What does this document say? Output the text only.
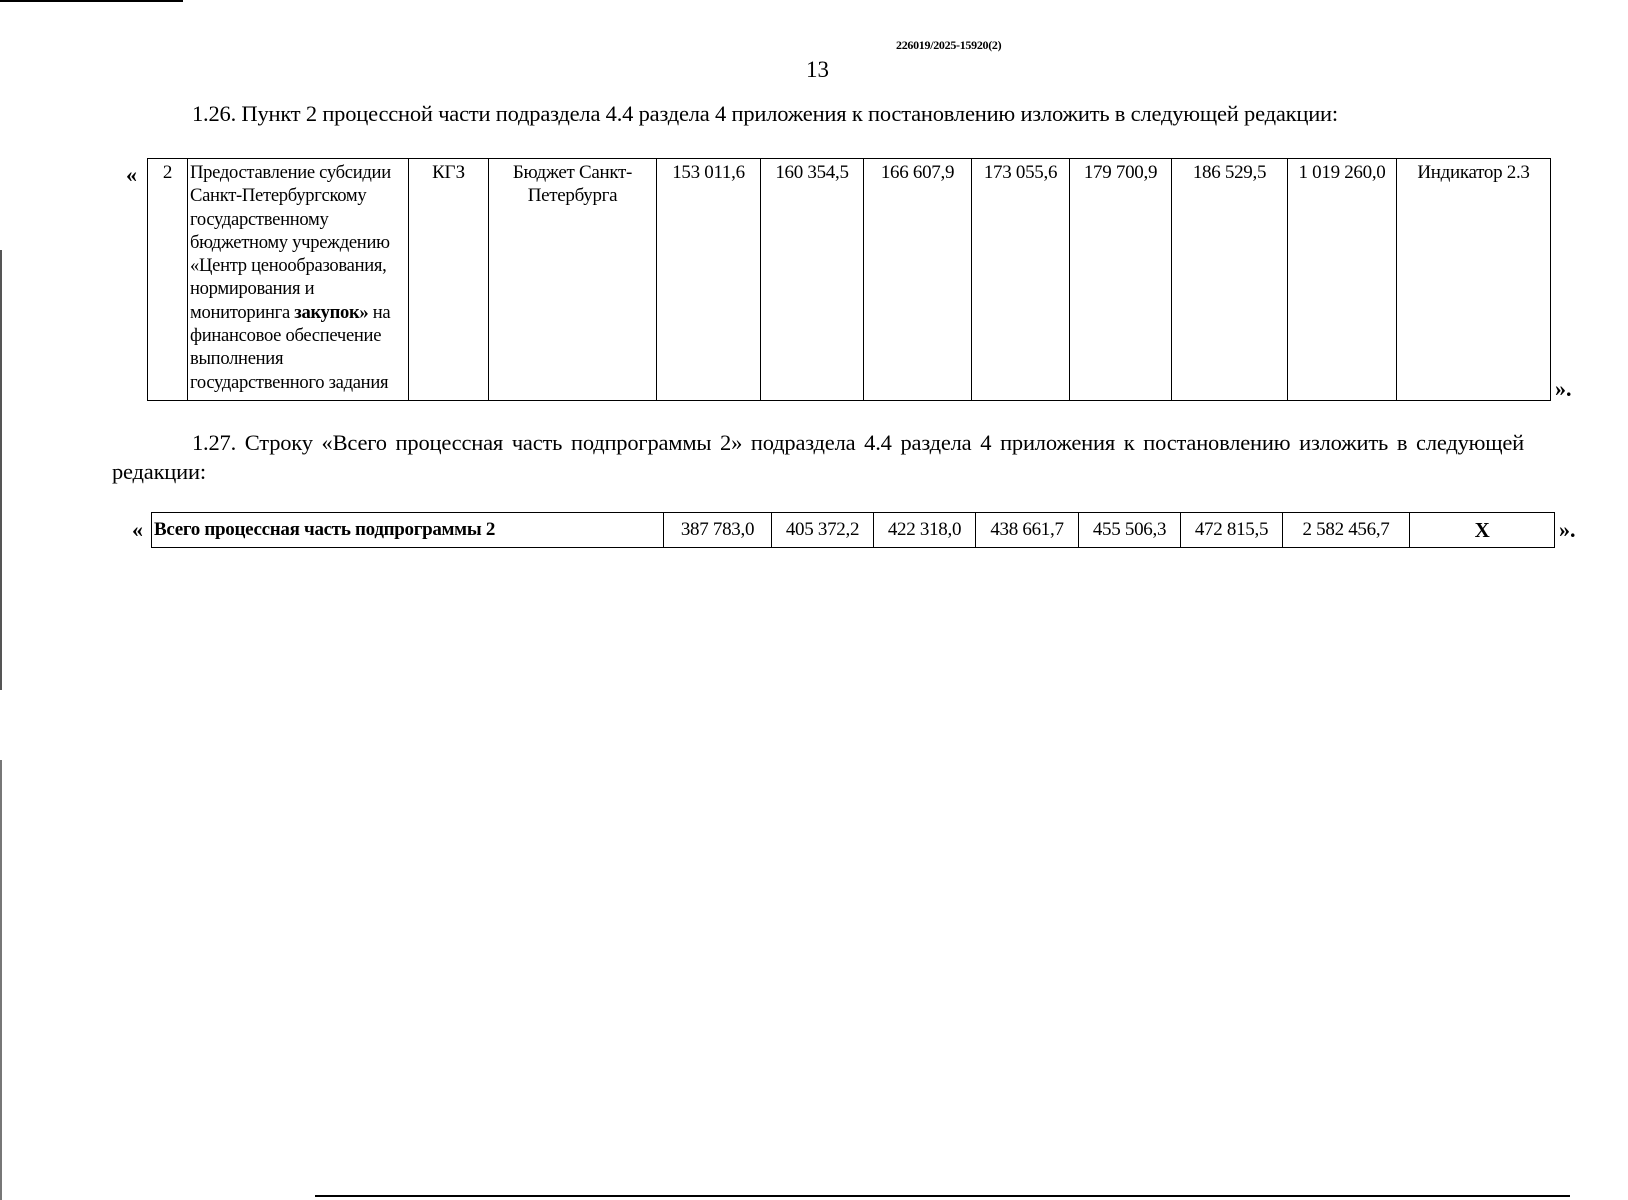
226019/2025-15920(2)
13
1.26. Пункт 2 процессной части подраздела 4.4 раздела 4 приложения к постановлению изложить в следующей редакции:
« 2	Предоставление субсидии Санкт-Петербургскому государственному бюджетному учреждению «Центр ценообразования, нормирования и мониторинга закупок» на финансовое обеспечение выполнения государственного задания	КГЗ	Бюджет Санкт-Петербурга	153 011,6	160 354,5	166 607,9	173 055,6	179 700,9	186 529,5	1 019 260,0	Индикатор 2.3
».
1.27. Строку «Всего процессная часть подпрограммы 2» подраздела 4.4 раздела 4 приложения к постановлению изложить в следующей редакции:
« Всего процессная часть подпрограммы 2	387 783,0	405 372,2	422 318,0	438 661,7	455 506,3	472 815,5	2 582 456,7	X	».
